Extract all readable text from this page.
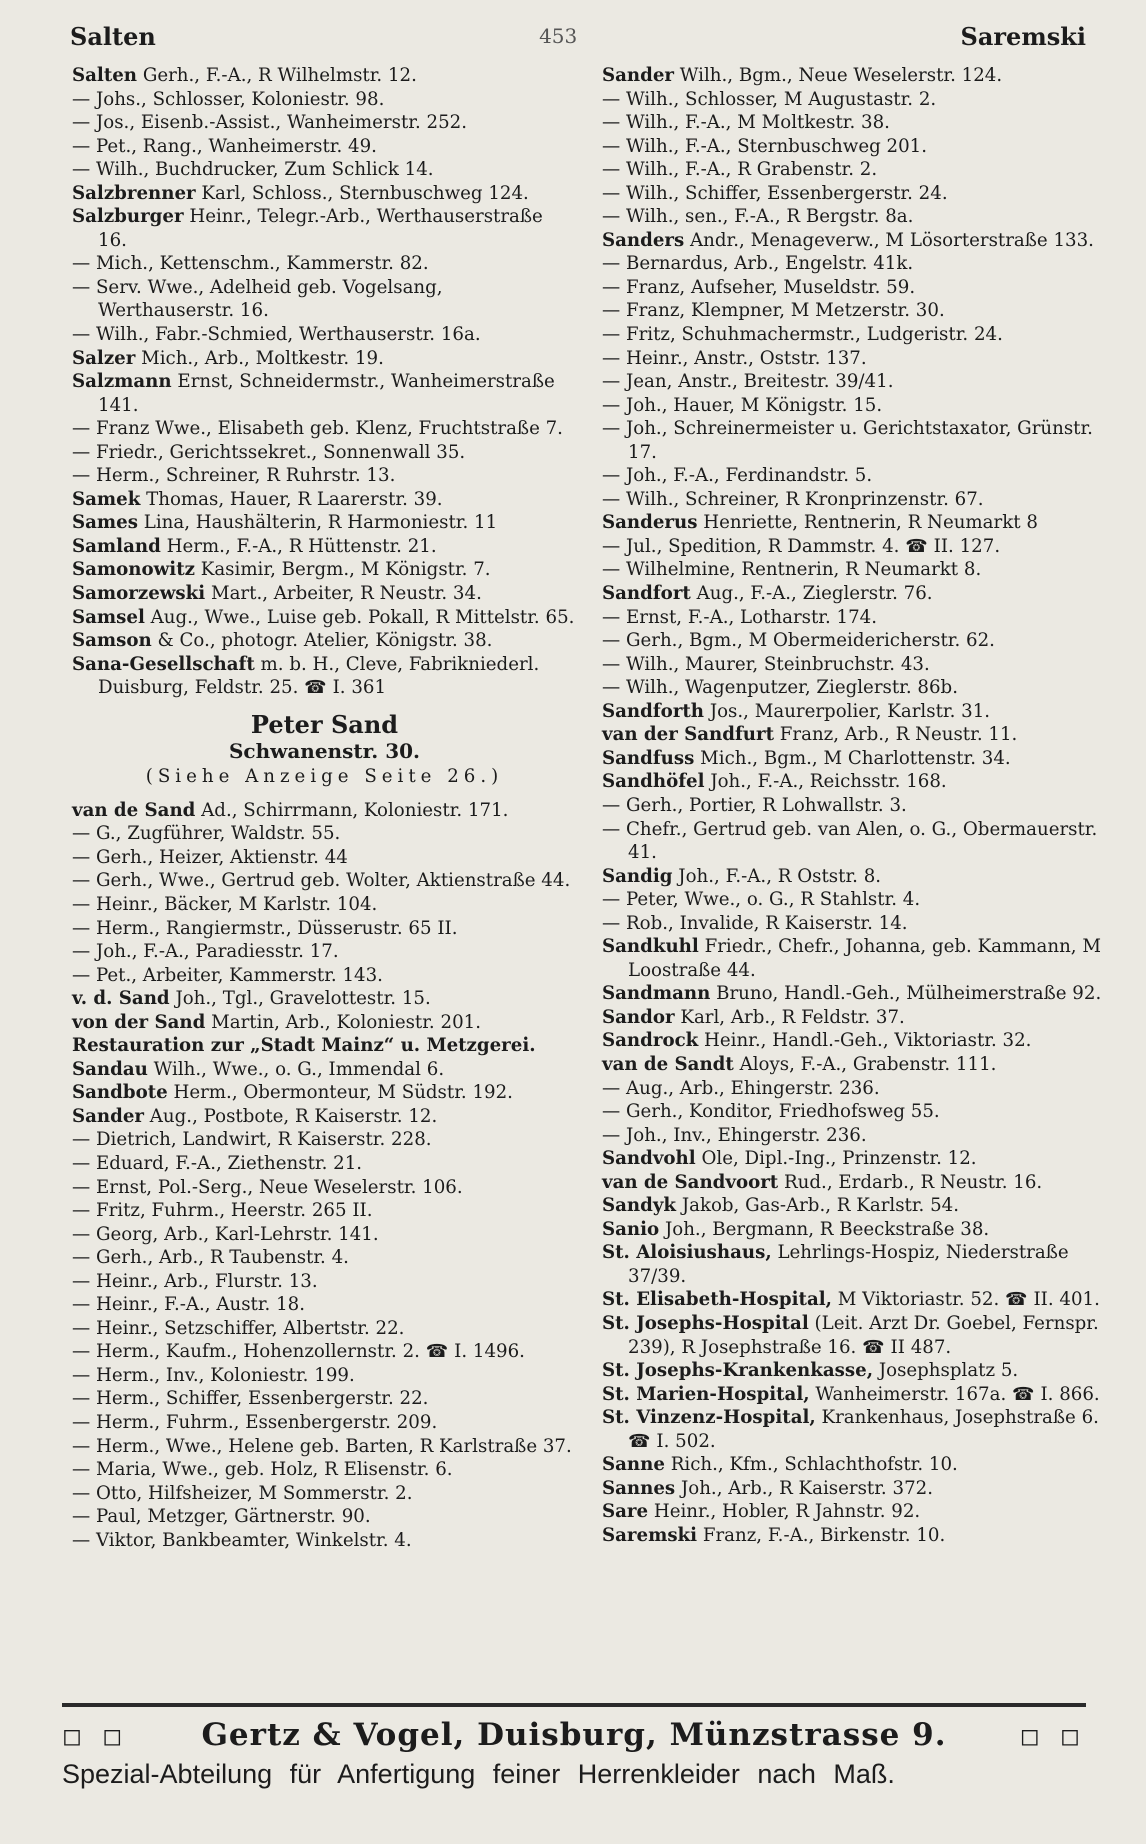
Salten	453	Saremski
Salten Gerh., F.-A., R Wilhelmstr. 12.
— Johs., Schlosser, Koloniestr. 98.
— Jos., Eisenb.-Assist., Wanheimerstr. 252.
— Pet., Rang., Wanheimerstr. 49.
— Wilh., Buchdrucker, Zum Schlick 14.
Salzbrenner Karl, Schloss., Sternbuschweg 124.
Salzburger Heinr., Telegr.-Arb., Werthauserstraße 16.
— Mich., Kettenschm., Kammerstr. 82.
— Serv. Wwe., Adelheid geb. Vogelsang, Werthauserstr. 16.
— Wilh., Fabr.-Schmied, Werthauserstr. 16a.
Salzer Mich., Arb., Moltkestr. 19.
Salzmann Ernst, Schneidermstr., Wanheimerstraße 141.
— Franz Wwe., Elisabeth geb. Klenz, Fruchtstraße 7.
— Friedr., Gerichtssekret., Sonnenwall 35.
— Herm., Schreiner, R Ruhrstr. 13.
Samek Thomas, Hauer, R Laarerstr. 39.
Sames Lina, Haushälterin, R Harmoniestr. 11
Samland Herm., F.-A., R Hüttenstr. 21.
Samonowitz Kasimir, Bergm., M Königstr. 7.
Samorzewski Mart., Arbeiter, R Neustr. 34.
Samsel Aug., Wwe., Luise geb. Pokall, R Mittelstr. 65.
Samson & Co., photogr. Atelier, Königstr. 38.
Sana-Gesellschaft m. b. H., Cleve, Fabrikniederl. Duisburg, Feldstr. 25. ☎ I. 361
Peter Sand
Schwanenstr. 30.
(Siehe Anzeige Seite 26.)
van de Sand Ad., Schirrmann, Koloniestr. 171.
— G., Zugführer, Waldstr. 55.
— Gerh., Heizer, Aktienstr. 44
— Gerh., Wwe., Gertrud geb. Wolter, Aktienstraße 44.
— Heinr., Bäcker, M Karlstr. 104.
— Herm., Rangiermstr., Düsserustr. 65 II.
— Joh., F.-A., Paradiesstr. 17.
— Pet., Arbeiter, Kammerstr. 143.
v. d. Sand Joh., Tgl., Gravelottestr. 15.
von der Sand Martin, Arb., Koloniestr. 201.
Restauration zur „Stadt Mainz“ u. Metzgerei.
Sandau Wilh., Wwe., o. G., Immendal 6.
Sandbote Herm., Obermonteur, M Südstr. 192.
Sander Aug., Postbote, R Kaiserstr. 12.
— Dietrich, Landwirt, R Kaiserstr. 228.
— Eduard, F.-A., Ziethenstr. 21.
— Ernst, Pol.-Serg., Neue Weselerstr. 106.
— Fritz, Fuhrm., Heerstr. 265 II.
— Georg, Arb., Karl-Lehrstr. 141.
— Gerh., Arb., R Taubenstr. 4.
— Heinr., Arb., Flurstr. 13.
— Heinr., F.-A., Austr. 18.
— Heinr., Setzschiffer, Albertstr. 22.
— Herm., Kaufm., Hohenzollernstr. 2. ☎ I. 1496.
— Herm., Inv., Koloniestr. 199.
— Herm., Schiffer, Essenbergerstr. 22.
— Herm., Fuhrm., Essenbergerstr. 209.
— Herm., Wwe., Helene geb. Barten, R Karlstraße 37.
— Maria, Wwe., geb. Holz, R Elisenstr. 6.
— Otto, Hilfsheizer, M Sommerstr. 2.
— Paul, Metzger, Gärtnerstr. 90.
— Viktor, Bankbeamter, Winkelstr. 4.
Sander Wilh., Bgm., Neue Weselerstr. 124.
— Wilh., Schlosser, M Augustastr. 2.
— Wilh., F.-A., M Moltkestr. 38.
— Wilh., F.-A., Sternbuschweg 201.
— Wilh., F.-A., R Grabenstr. 2.
— Wilh., Schiffer, Essenbergerstr. 24.
— Wilh., sen., F.-A., R Bergstr. 8a.
Sanders Andr., Menageverw., M Lösorterstraße 133.
— Bernardus, Arb., Engelstr. 41k.
— Franz, Aufseher, Museldstr. 59.
— Franz, Klempner, M Metzerstr. 30.
— Fritz, Schuhmachermstr., Ludgeristr. 24.
— Heinr., Anstr., Oststr. 137.
— Jean, Anstr., Breitestr. 39/41.
— Joh., Hauer, M Königstr. 15.
— Joh., Schreinermeister u. Gerichtstaxator, Grünstr. 17.
— Joh., F.-A., Ferdinandstr. 5.
— Wilh., Schreiner, R Kronprinzenstr. 67.
Sanderus Henriette, Rentnerin, R Neumarkt 8
— Jul., Spedition, R Dammstr. 4. ☎ II. 127.
— Wilhelmine, Rentnerin, R Neumarkt 8.
Sandfort Aug., F.-A., Zieglerstr. 76.
— Ernst, F.-A., Lotharstr. 174.
— Gerh., Bgm., M Obermeidericherstr. 62.
— Wilh., Maurer, Steinbruchstr. 43.
— Wilh., Wagenputzer, Zieglerstr. 86b.
Sandforth Jos., Maurerpolier, Karlstr. 31.
van der Sandfurt Franz, Arb., R Neustr. 11.
Sandfuss Mich., Bgm., M Charlottenstr. 34.
Sandhöfel Joh., F.-A., Reichsstr. 168.
— Gerh., Portier, R Lohwallstr. 3.
— Chefr., Gertrud geb. van Alen, o. G., Obermauerstr. 41.
Sandig Joh., F.-A., R Oststr. 8.
— Peter, Wwe., o. G., R Stahlstr. 4.
— Rob., Invalide, R Kaiserstr. 14.
Sandkuhl Friedr., Chefr., Johanna, geb. Kammann, M Loostraße 44.
Sandmann Bruno, Handl.-Geh., Mülheimerstraße 92.
Sandor Karl, Arb., R Feldstr. 37.
Sandrock Heinr., Handl.-Geh., Viktoriastr. 32.
van de Sandt Aloys, F.-A., Grabenstr. 111.
— Aug., Arb., Ehingerstr. 236.
— Gerh., Konditor, Friedhofsweg 55.
— Joh., Inv., Ehingerstr. 236.
Sandvohl Ole, Dipl.-Ing., Prinzenstr. 12.
van de Sandvoort Rud., Erdarb., R Neustr. 16.
Sandyk Jakob, Gas-Arb., R Karlstr. 54.
Sanio Joh., Bergmann, R Beeckstraße 38.
St. Aloisiushaus, Lehrlings-Hospiz, Niederstraße 37/39.
St. Elisabeth-Hospital, M Viktoriastr. 52. ☎ II. 401.
St. Josephs-Hospital (Leit. Arzt Dr. Goebel, Fernspr. 239), R Josephstraße 16. ☎ II 487.
St. Josephs-Krankenkasse, Josephsplatz 5.
St. Marien-Hospital, Wanheimerstr. 167a. ☎ I. 866.
St. Vinzenz-Hospital, Krankenhaus, Josephstraße 6. ☎ I. 502.
Sanne Rich., Kfm., Schlachthofstr. 10.
Sannes Joh., Arb., R Kaiserstr. 372.
Sare Heinr., Hobler, R Jahnstr. 92.
Saremski Franz, F.-A., Birkenstr. 10.
◻ ◻ Gertz & Vogel, Duisburg, Münzstrasse 9.	◻ ◻
Spezial-Abteilung für Anfertigung feiner Herrenkleider nach Maß.
